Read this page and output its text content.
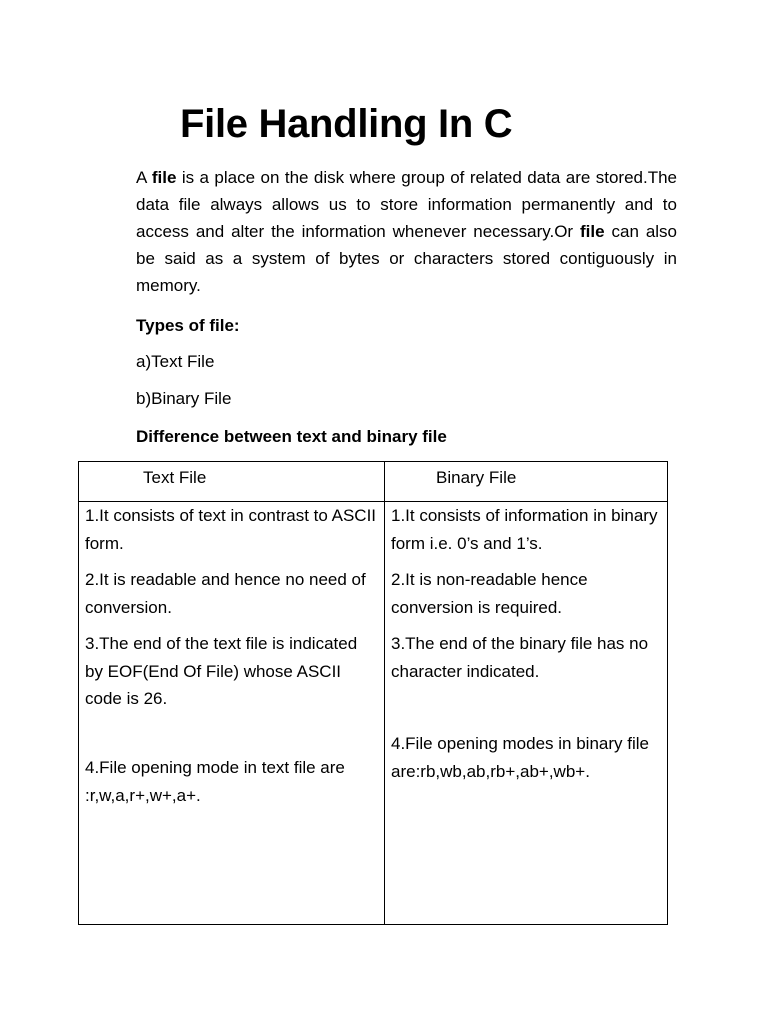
File Handling In C

A file is a place on the disk where group of related data are stored.The data file always allows us to store information permanently and to access and alter the information whenever necessary.Or file can also be said as a system of bytes or characters stored contiguously in memory.

Types of file:
a)Text File
b)Binary File
Difference between text and binary file
Text File	Binary File
1.It consists of text in contrast to ASCII form.	1.It consists of information in binary form i.e. 0’s and 1’s.
2.It is readable and hence no need of conversion.	2.It is non-readable hence conversion is required.
3.The end of the text file is indicated by EOF(End Of File) whose ASCII code is 26.	3.The end of the binary file has no character indicated.
4.File opening mode in text file are :r,w,a,r+,w+,a+.	4.File opening modes in binary file are:rb,wb,ab,rb+,ab+,wb+.
